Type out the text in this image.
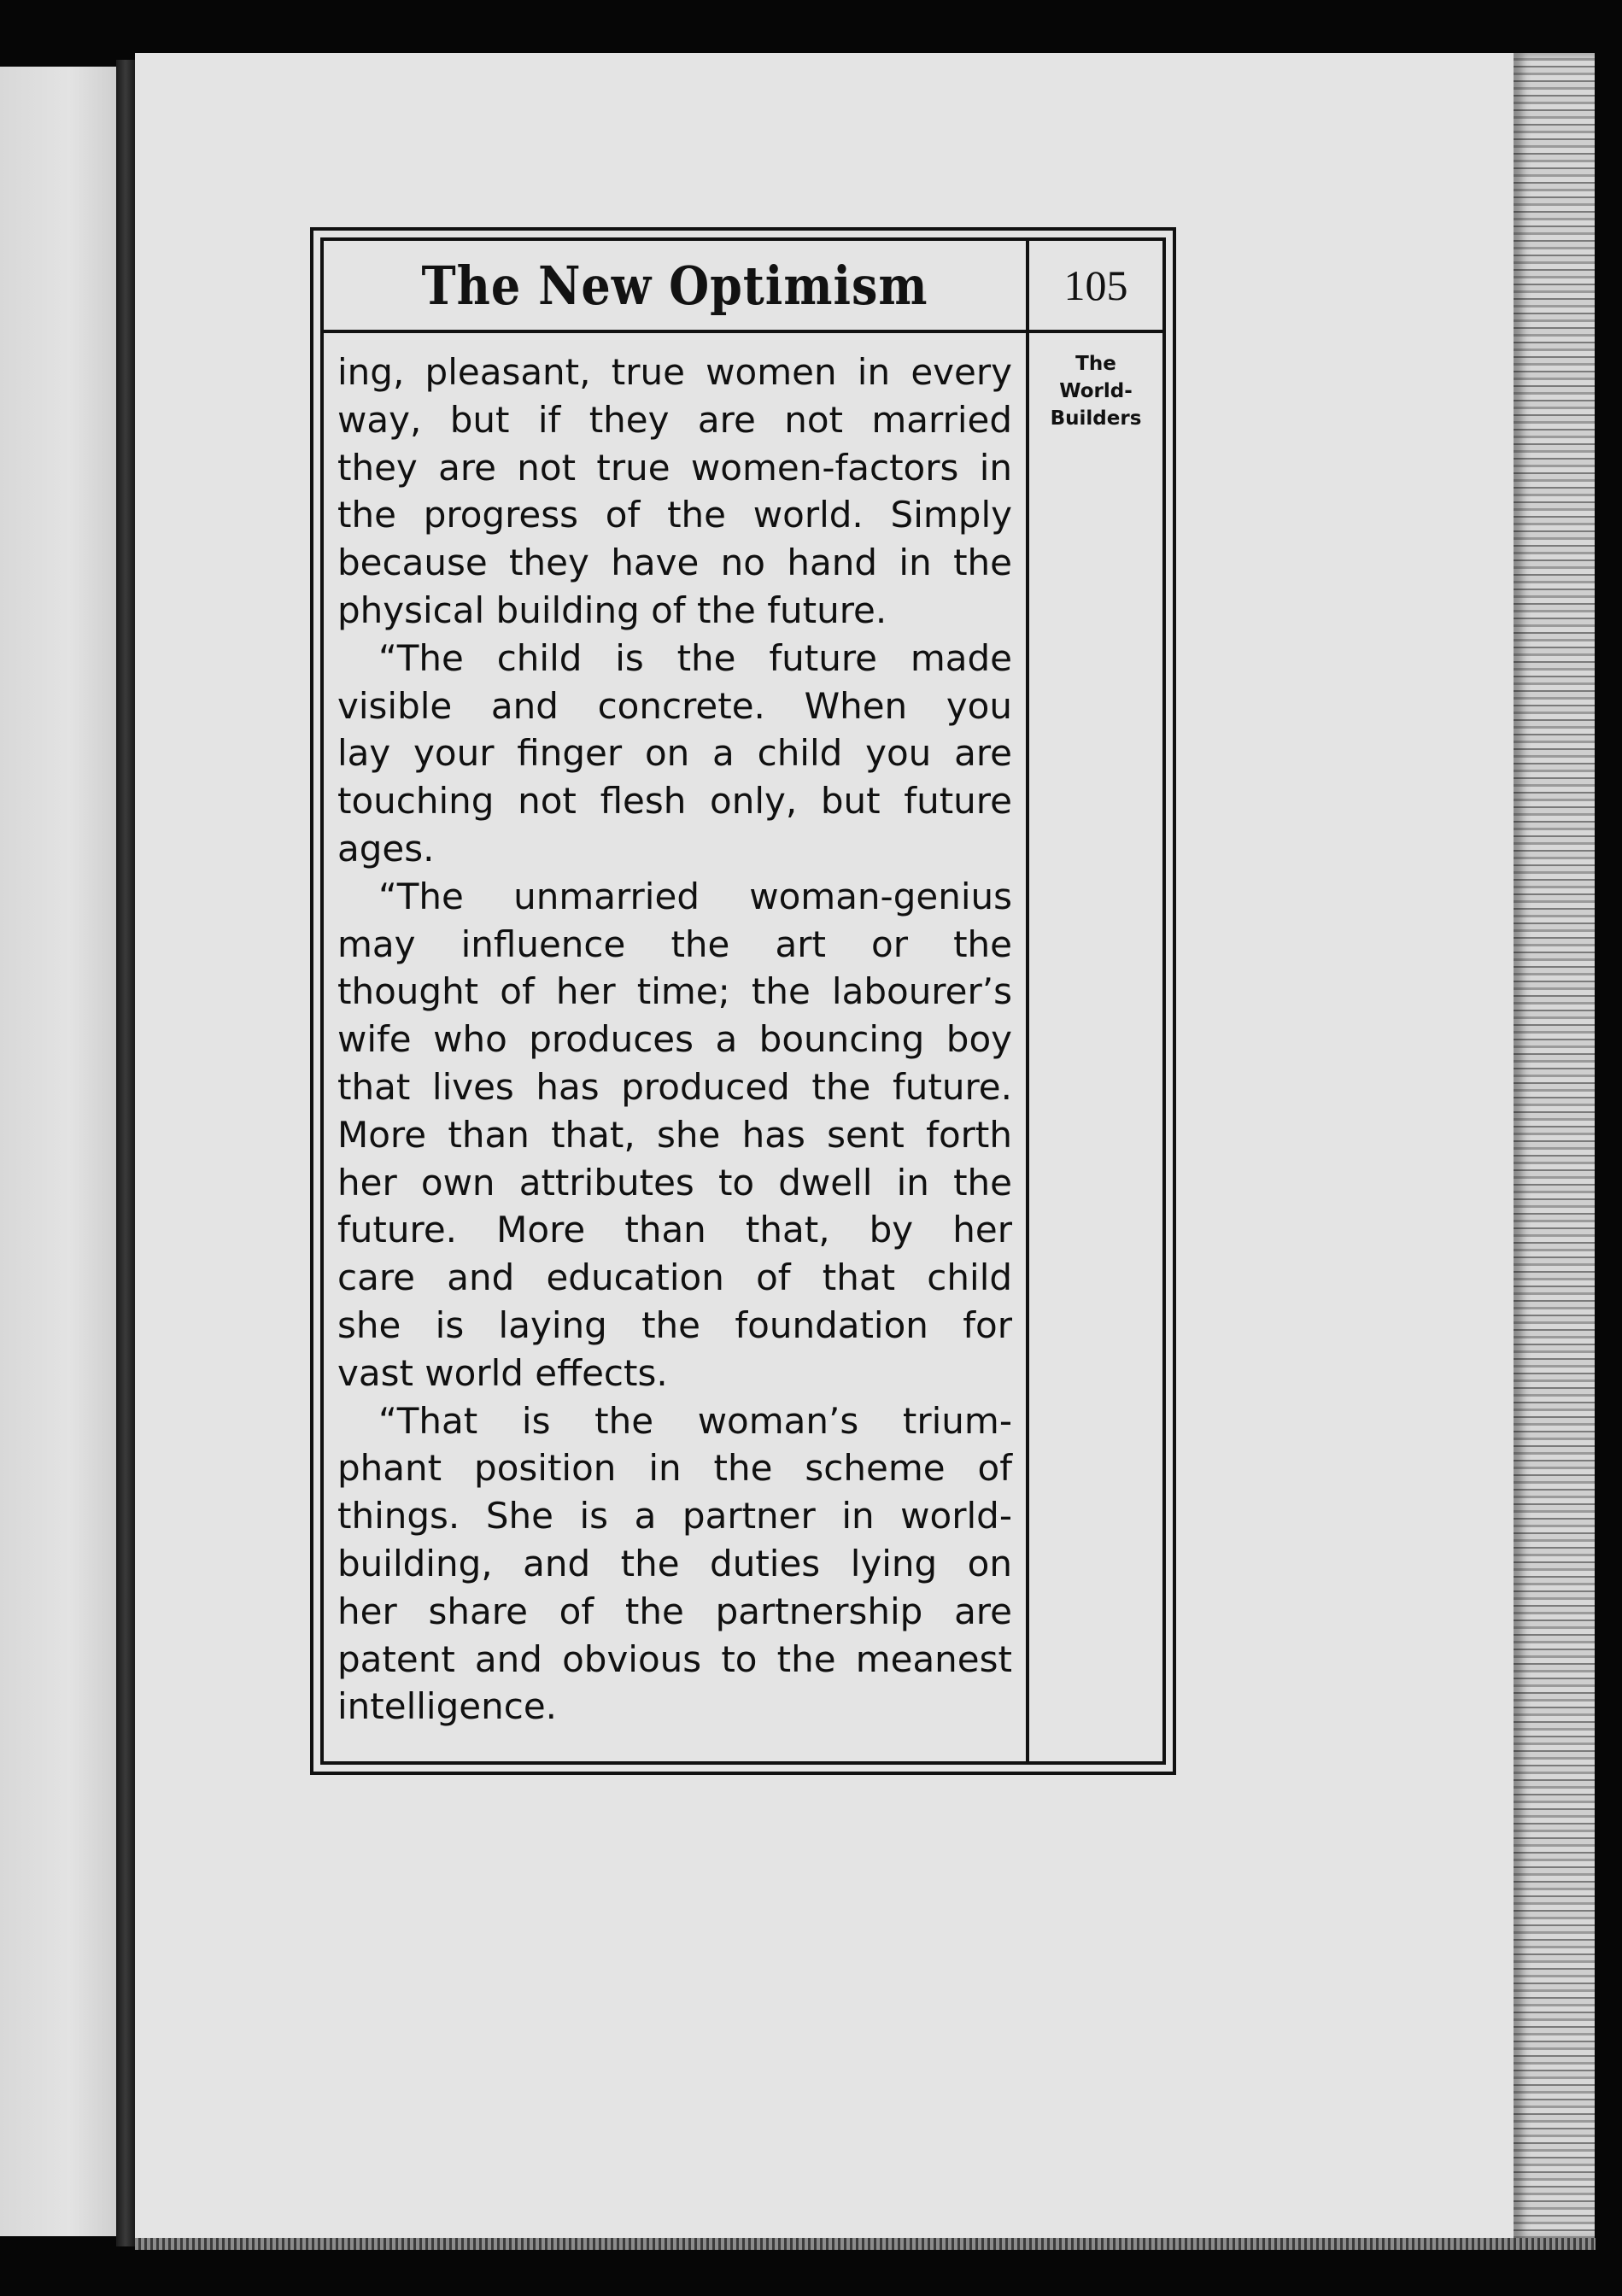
The New Optimism	105
The
World-
Builders
ing, pleasant, true women in every
way, but if they are not married
they are not true women-factors in
the progress of the world. Simply
because they have no hand in the
physical building of the future.
“The child is the future made
visible and concrete. When you
lay your finger on a child you are
touching not flesh only, but future
ages.
“The unmarried woman-genius
may influence the art or the
thought of her time; the labourer’s
wife who produces a bouncing boy
that lives has produced the future.
More than that, she has sent forth
her own attributes to dwell in the
future. More than that, by her
care and education of that child
she is laying the foundation for
vast world effects.
“That is the woman’s trium-
phant position in the scheme of
things. She is a partner in world-
building, and the duties lying on
her share of the partnership are
patent and obvious to the meanest
intelligence.
